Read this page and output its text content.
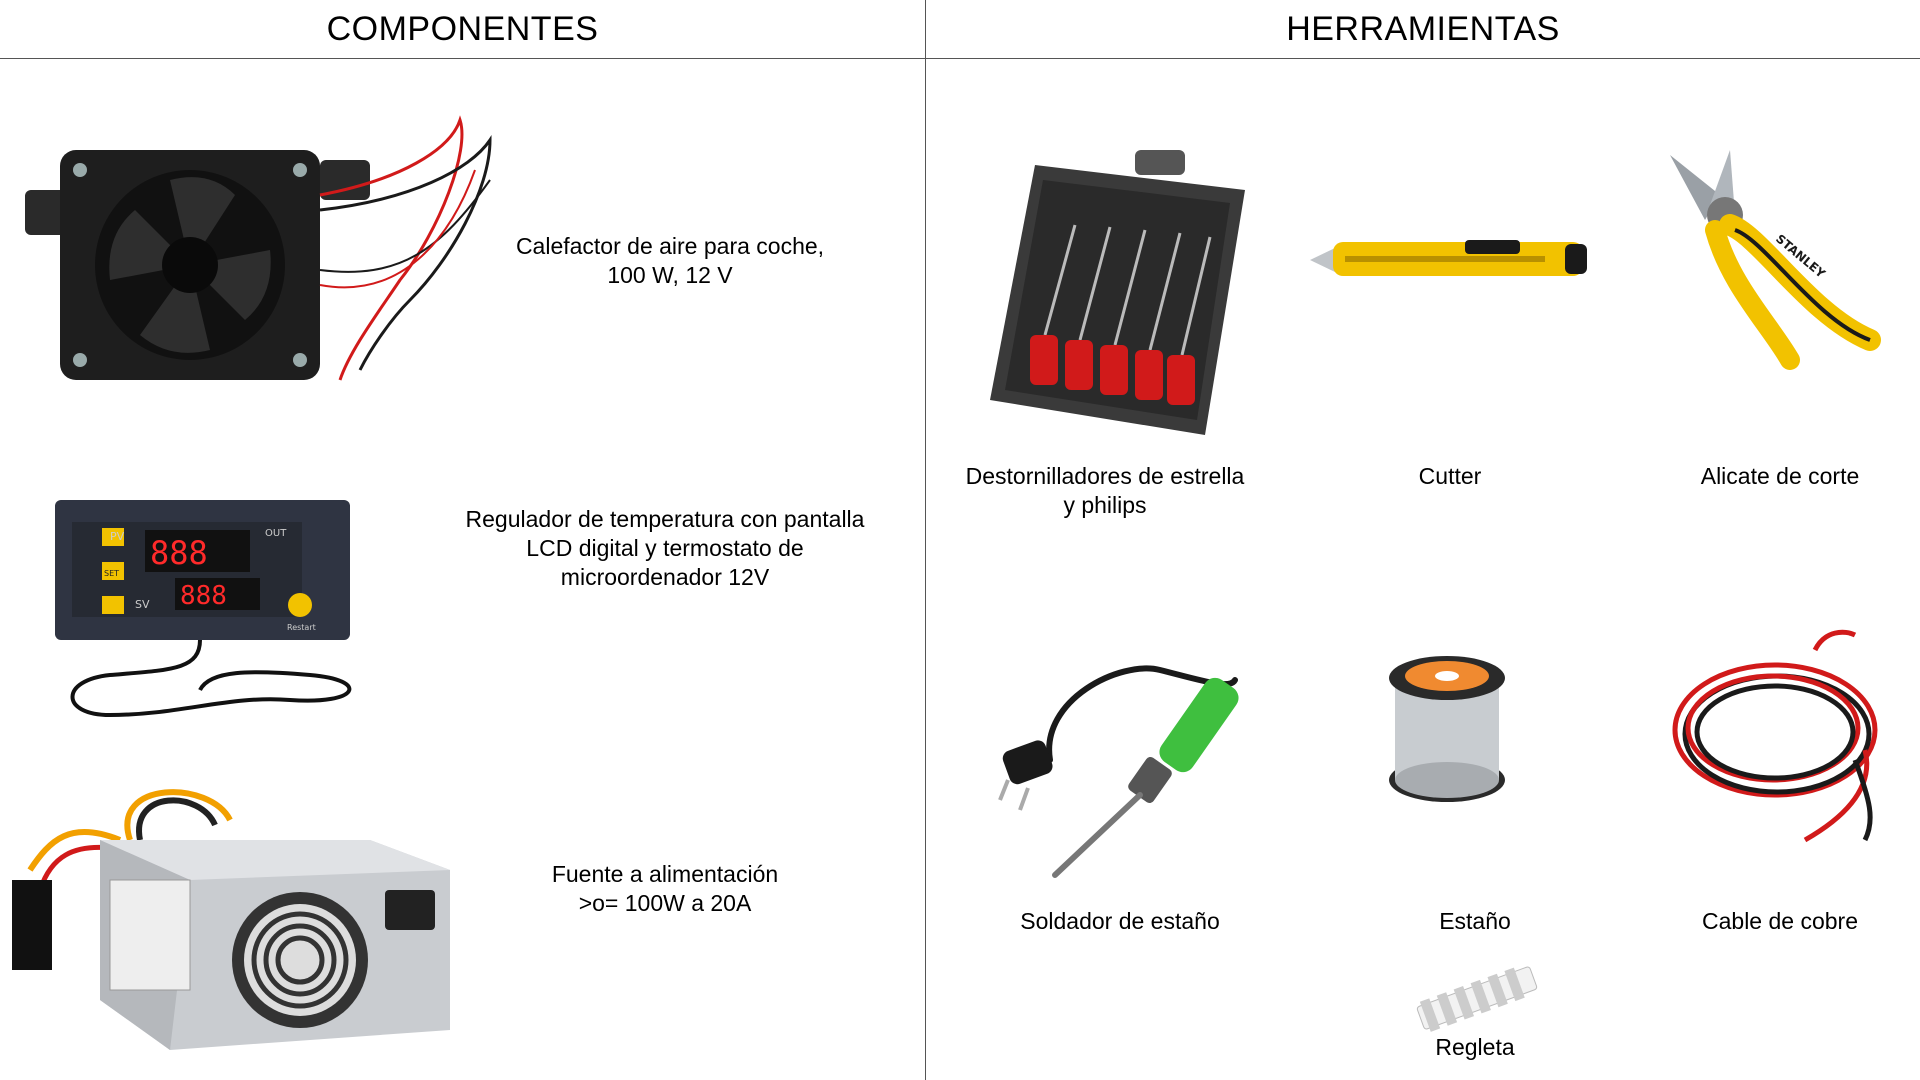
COMPONENTES	HERRAMIENTAS
Calefactor de aire para coche,
100 W, 12 V
PV
SV
OUT
SET
888
888
Restart
Regulador de temperatura con pantalla
LCD digital y termostato de
microordenador 12V
Fuente a alimentación
>o= 100W a 20A
Destornilladores de estrella
y philips
Cutter
STANLEY
Alicate de corte
Soldador de estaño	Estaño	Cable de cobre
Regleta
